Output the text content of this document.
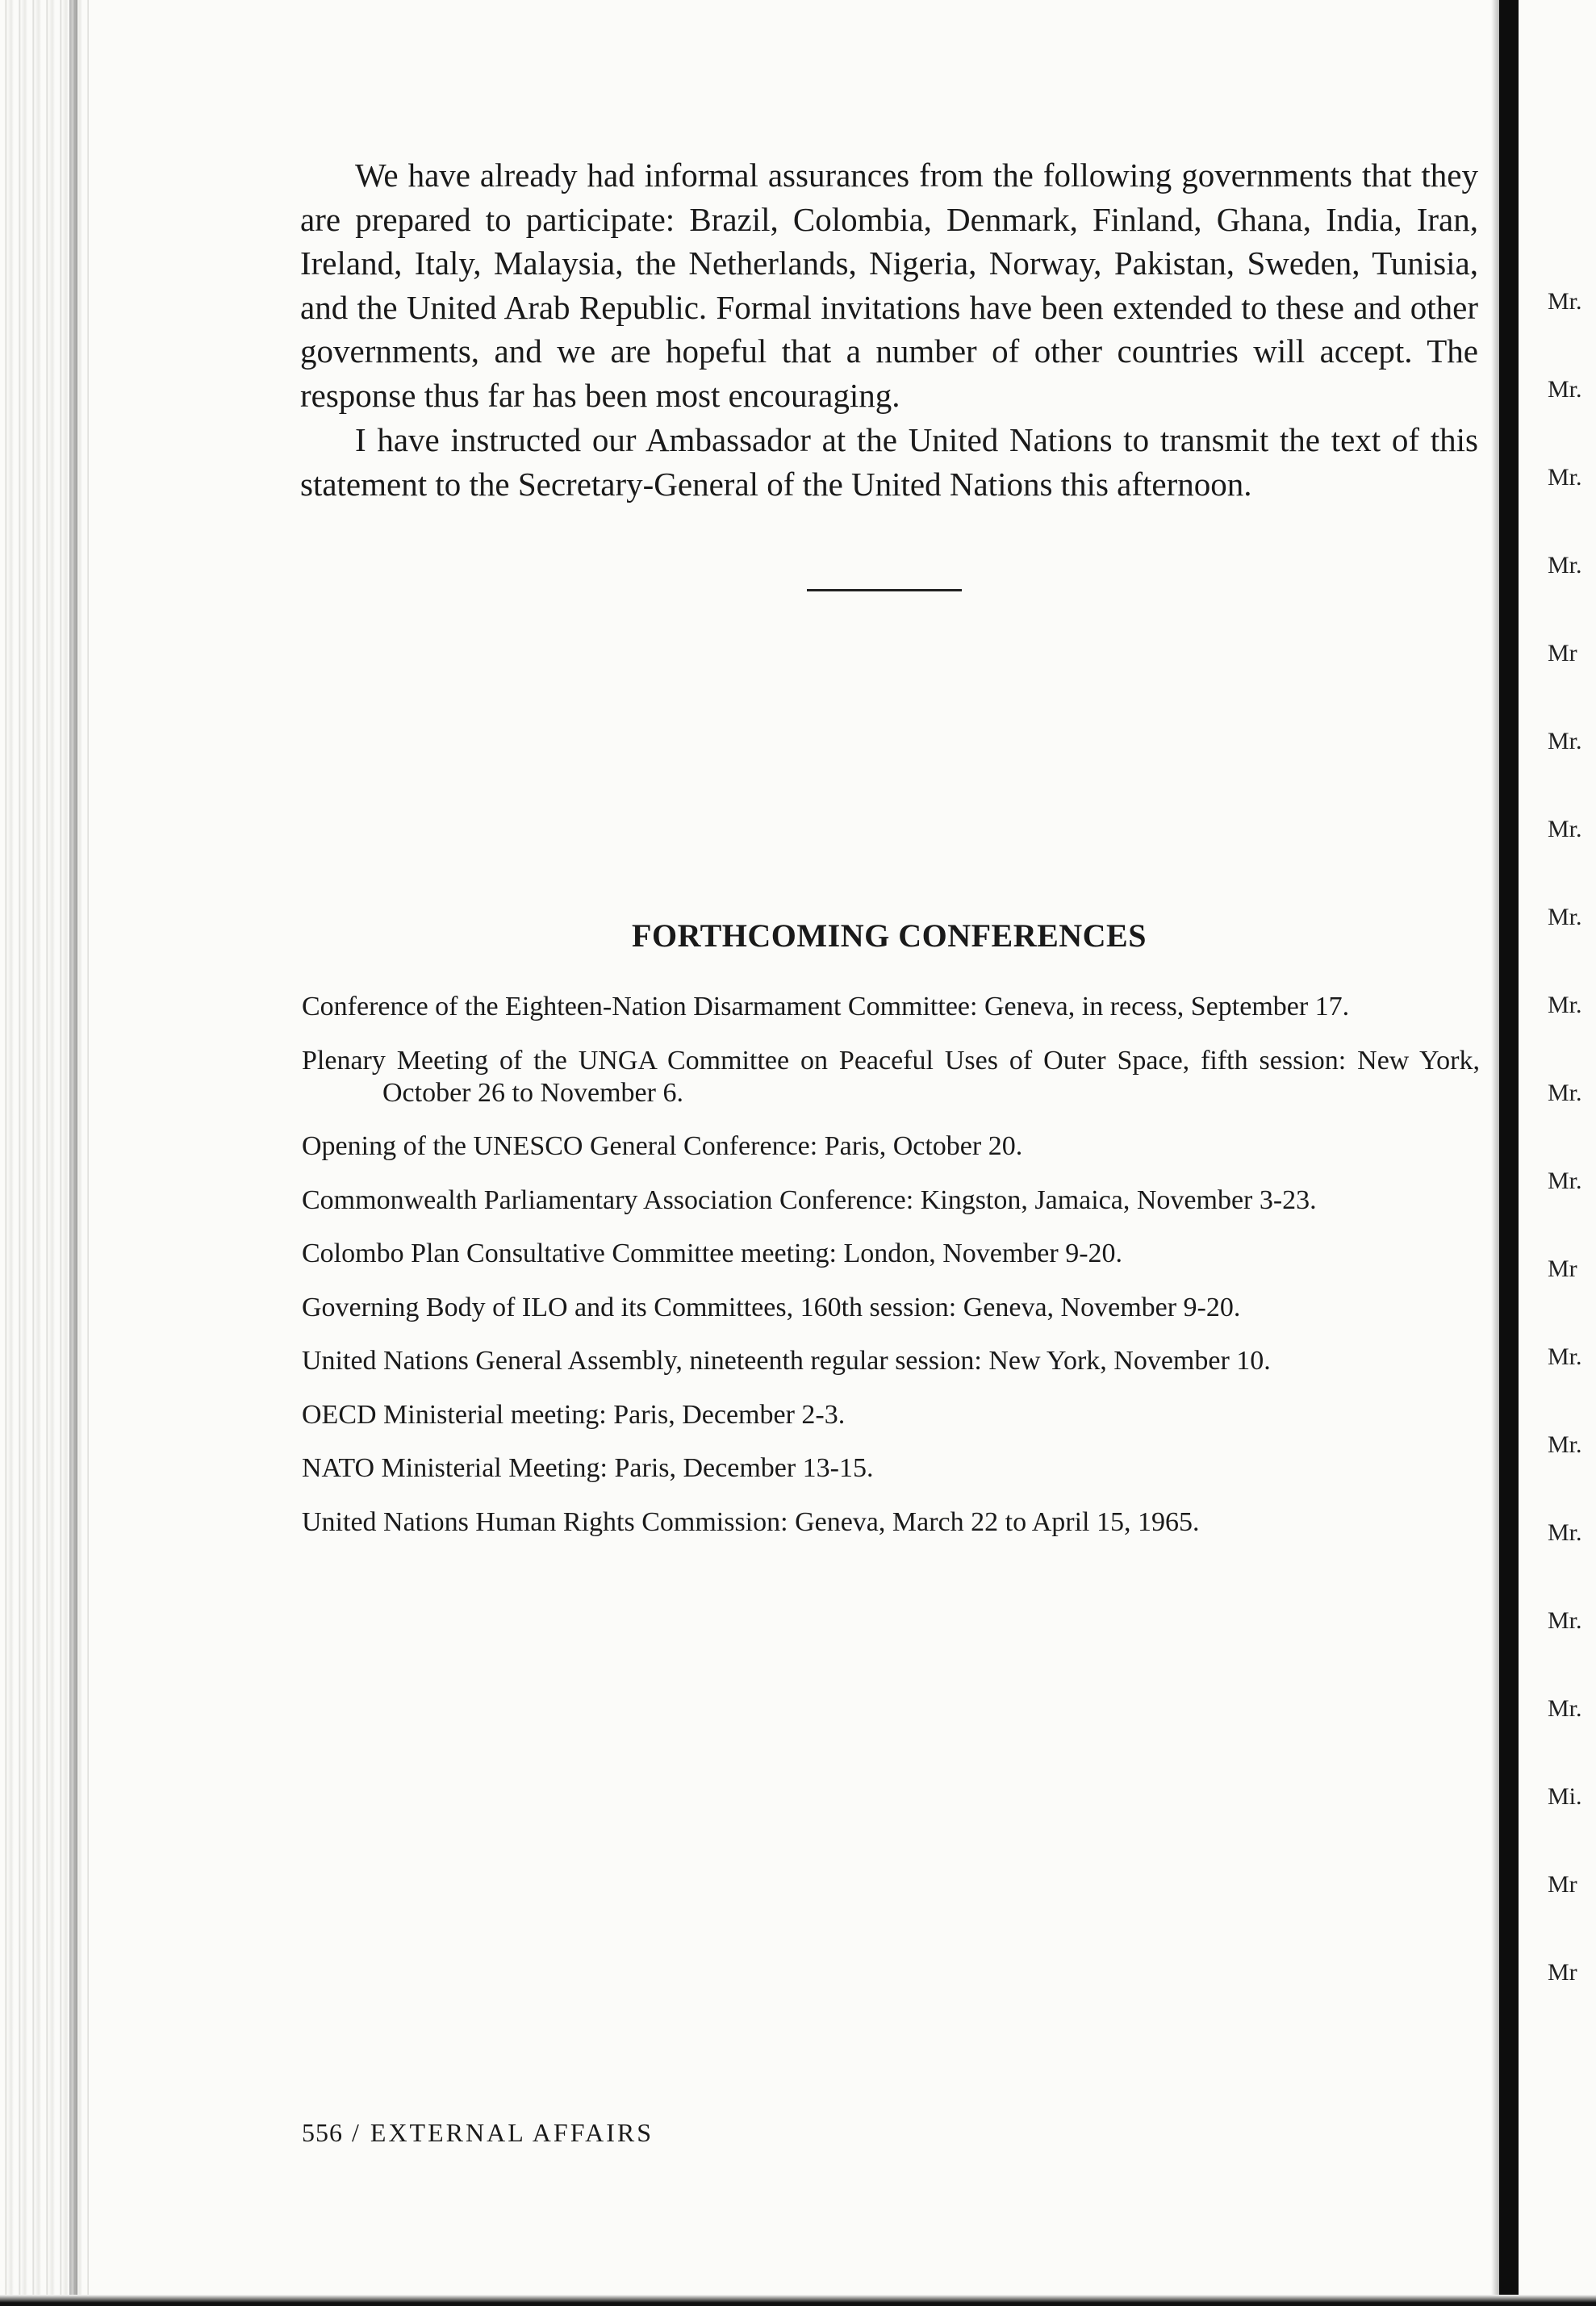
Mr.
Mr.
Mr.
Mr.
Mr
Mr.
Mr.
Mr.
Mr.
Mr.
Mr.
Mr
Mr.
Mr.
Mr.
Mr.
Mr.
Mi.
Mr
Mr

We have already had informal assurances from the following governments that they are prepared to participate: Brazil, Colombia, Denmark, Finland, Ghana, India, Iran, Ireland, Italy, Malaysia, the Netherlands, Nigeria, Norway, Pakistan, Sweden, Tunisia, and the United Arab Republic. Formal invitations have been extended to these and other governments, and we are hopeful that a number of other countries will accept. The response thus far has been most encouraging.

I have instructed our Ambassador at the United Nations to transmit the text of this statement to the Secretary-General of the United Nations this afternoon.

FORTHCOMING CONFERENCES
Conference of the Eighteen-Nation Disarmament Committee: Geneva, in recess, September 17.
Plenary Meeting of the UNGA Committee on Peaceful Uses of Outer Space, fifth session: New York, October 26 to November 6.
Opening of the UNESCO General Conference: Paris, October 20.
Commonwealth Parliamentary Association Conference: Kingston, Jamaica, November 3-23.
Colombo Plan Consultative Committee meeting: London, November 9-20.
Governing Body of ILO and its Committees, 160th session: Geneva, November 9-20.
United Nations General Assembly, nineteenth regular session: New York, November 10.
OECD Ministerial meeting: Paris, December 2-3.
NATO Ministerial Meeting: Paris, December 13-15.
United Nations Human Rights Commission: Geneva, March 22 to April 15, 1965.

556 / EXTERNAL AFFAIRS
